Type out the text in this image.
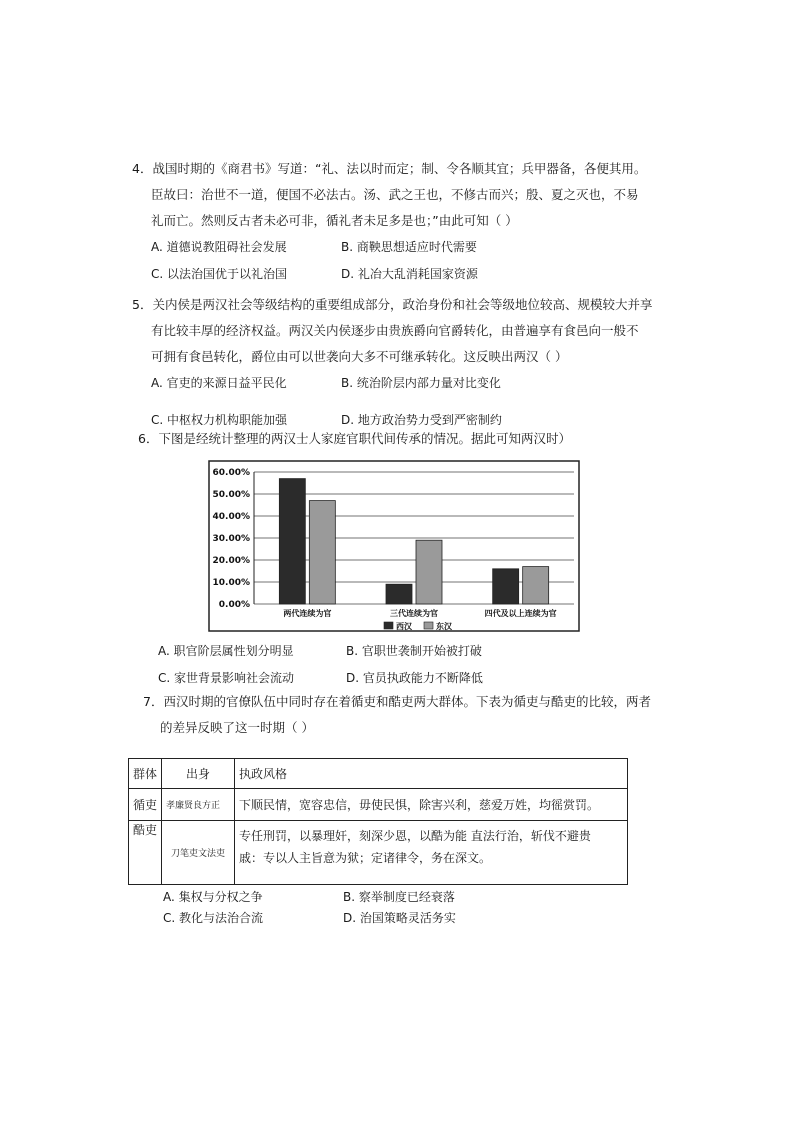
4．战国时期的《商君书》写道：“礼、法以时而定；制、令各顺其宜；兵甲器备，各便其用。
臣故曰：治世不一道，便国不必法古。汤、武之王也，不修古而兴；殷、夏之灭也，不易
礼而亡。然则反古者未必可非，循礼者未足多是也；”由此可知（ ）
A. 道德说教阻碍社会发展	B. 商鞅思想适应时代需要
C. 以法治国优于以礼治国	D. 礼冶大乱消耗国家资源
5．关内侯是两汉社会等级结构的重要组成部分，政治身份和社会等级地位较高、规模较大并享
有比较丰厚的经济权益。两汉关内侯逐步由贵族爵向官爵转化，由普遍享有食邑向一般不
可拥有食邑转化，爵位由可以世袭向大多不可继承转化。这反映出两汉（ ）
A. 官吏的来源日益平民化	B. 统治阶层内部力量对比变化
C. 中枢权力机构职能加强	D. 地方政治势力受到严密制约
6．下图是经统计整理的两汉士人家庭官职代间传承的情况。据此可知两汉时）
60.00%
50.00%
40.00%
30.00%
20.00%
10.00%
0.00%
两代连续为官	三代连续为官	四代及以上连续为官
西汉	东汉
A. 职官阶层属性划分明显	B. 官职世袭制开始被打破
C. 家世背景影响社会流动	D. 官员执政能力不断降低
7．西汉时期的官僚队伍中同时存在着循吏和酷吏两大群体。下表为循吏与酷吏的比较，两者
的差异反映了这一时期（ ）
群体	出身	执政风格
循吏	孝廉贤良方正	下顺民情，宽容忠信，毋使民惧，除害兴利，慈爱万姓，均徭赏罚。
酷吏	刀笔吏文法吏	专任刑罚，以暴理奸，刻深少恩，以酷为能 直法行治，斩伐不避贵
戚：专以人主旨意为狱；定诸律令，务在深文。
A. 集权与分权之争	B. 察举制度已经衰落
C. 教化与法治合流	D. 治国策略灵活务实
